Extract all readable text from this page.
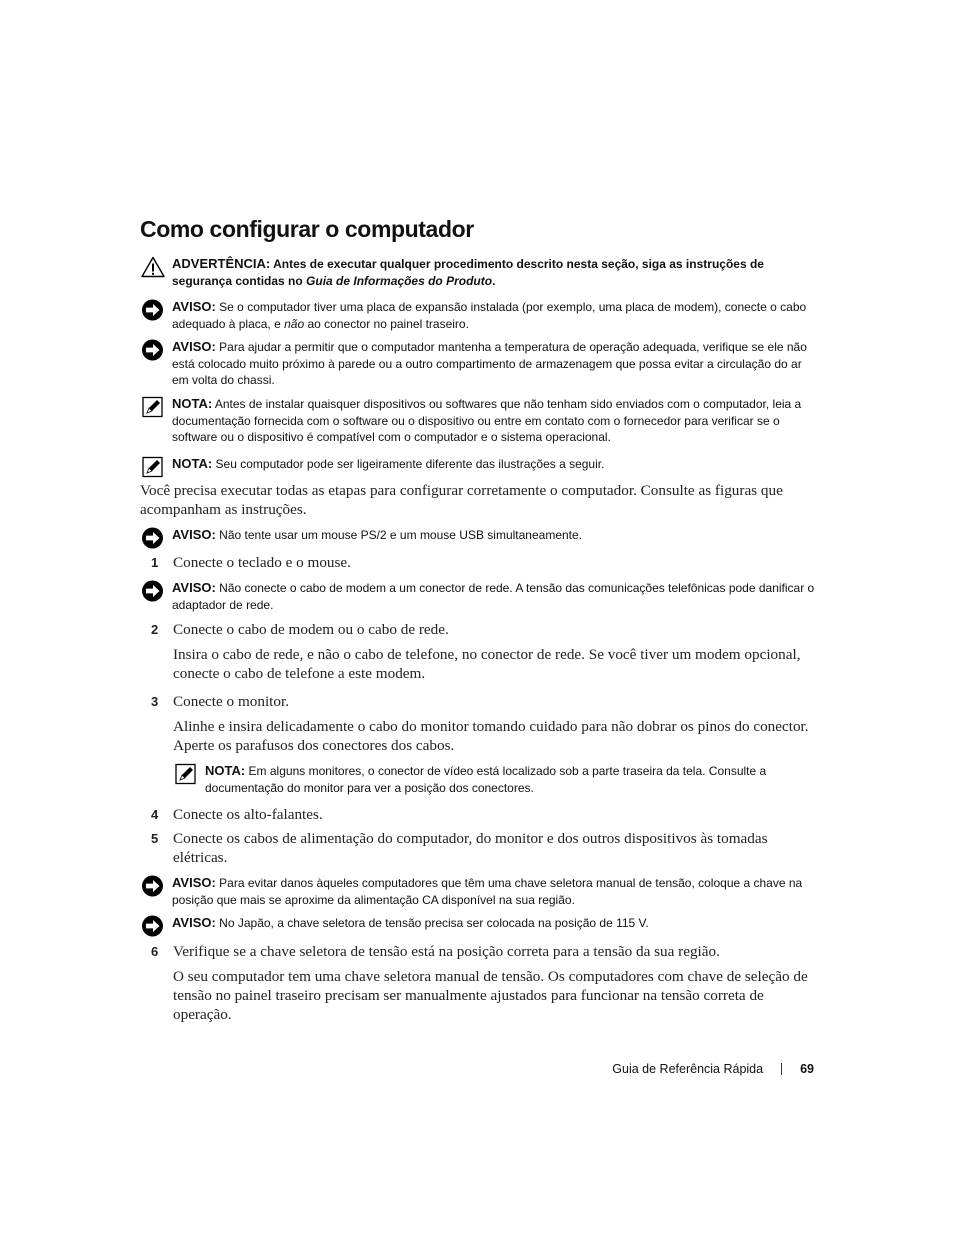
Como configurar o computador
ADVERTÊNCIA: Antes de executar qualquer procedimento descrito nesta seção, siga as instruções de segurança contidas no Guia de Informações do Produto.
AVISO: Se o computador tiver uma placa de expansão instalada (por exemplo, uma placa de modem), conecte o cabo adequado à placa, e não ao conector no painel traseiro.
AVISO: Para ajudar a permitir que o computador mantenha a temperatura de operação adequada, verifique se ele não está colocado muito próximo à parede ou a outro compartimento de armazenagem que possa evitar a circulação do ar em volta do chassi.
NOTA: Antes de instalar quaisquer dispositivos ou softwares que não tenham sido enviados com o computador, leia a documentação fornecida com o software ou o dispositivo ou entre em contato com o fornecedor para verificar se o software ou o dispositivo é compatível com o computador e o sistema operacional.
NOTA: Seu computador pode ser ligeiramente diferente das ilustrações a seguir.

Você precisa executar todas as etapas para configurar corretamente o computador. Consulte as figuras que acompanham as instruções.

AVISO: Não tente usar um mouse PS/2 e um mouse USB simultaneamente.
1 Conecte o teclado e o mouse.
AVISO: Não conecte o cabo de modem a um conector de rede. A tensão das comunicações telefônicas pode danificar o adaptador de rede.
2 Conecte o cabo de modem ou o cabo de rede.

Insira o cabo de rede, e não o cabo de telefone, no conector de rede. Se você tiver um modem opcional, conecte o cabo de telefone a este modem.

3 Conecte o monitor.

Alinhe e insira delicadamente o cabo do monitor tomando cuidado para não dobrar os pinos do conector. Aperte os parafusos dos conectores dos cabos.

NOTA: Em alguns monitores, o conector de vídeo está localizado sob a parte traseira da tela. Consulte a documentação do monitor para ver a posição dos conectores.
4 Conecte os alto-falantes.
5 Conecte os cabos de alimentação do computador, do monitor e dos outros dispositivos às tomadas elétricas.
AVISO: Para evitar danos àqueles computadores que têm uma chave seletora manual de tensão, coloque a chave na posição que mais se aproxime da alimentação CA disponível na sua região.
AVISO: No Japão, a chave seletora de tensão precisa ser colocada na posição de 115 V.
6 Verifique se a chave seletora de tensão está na posição correta para a tensão da sua região.

O seu computador tem uma chave seletora manual de tensão. Os computadores com chave de seleção de tensão no painel traseiro precisam ser manualmente ajustados para funcionar na tensão correta de operação.

Guia de Referência Rápida	69
